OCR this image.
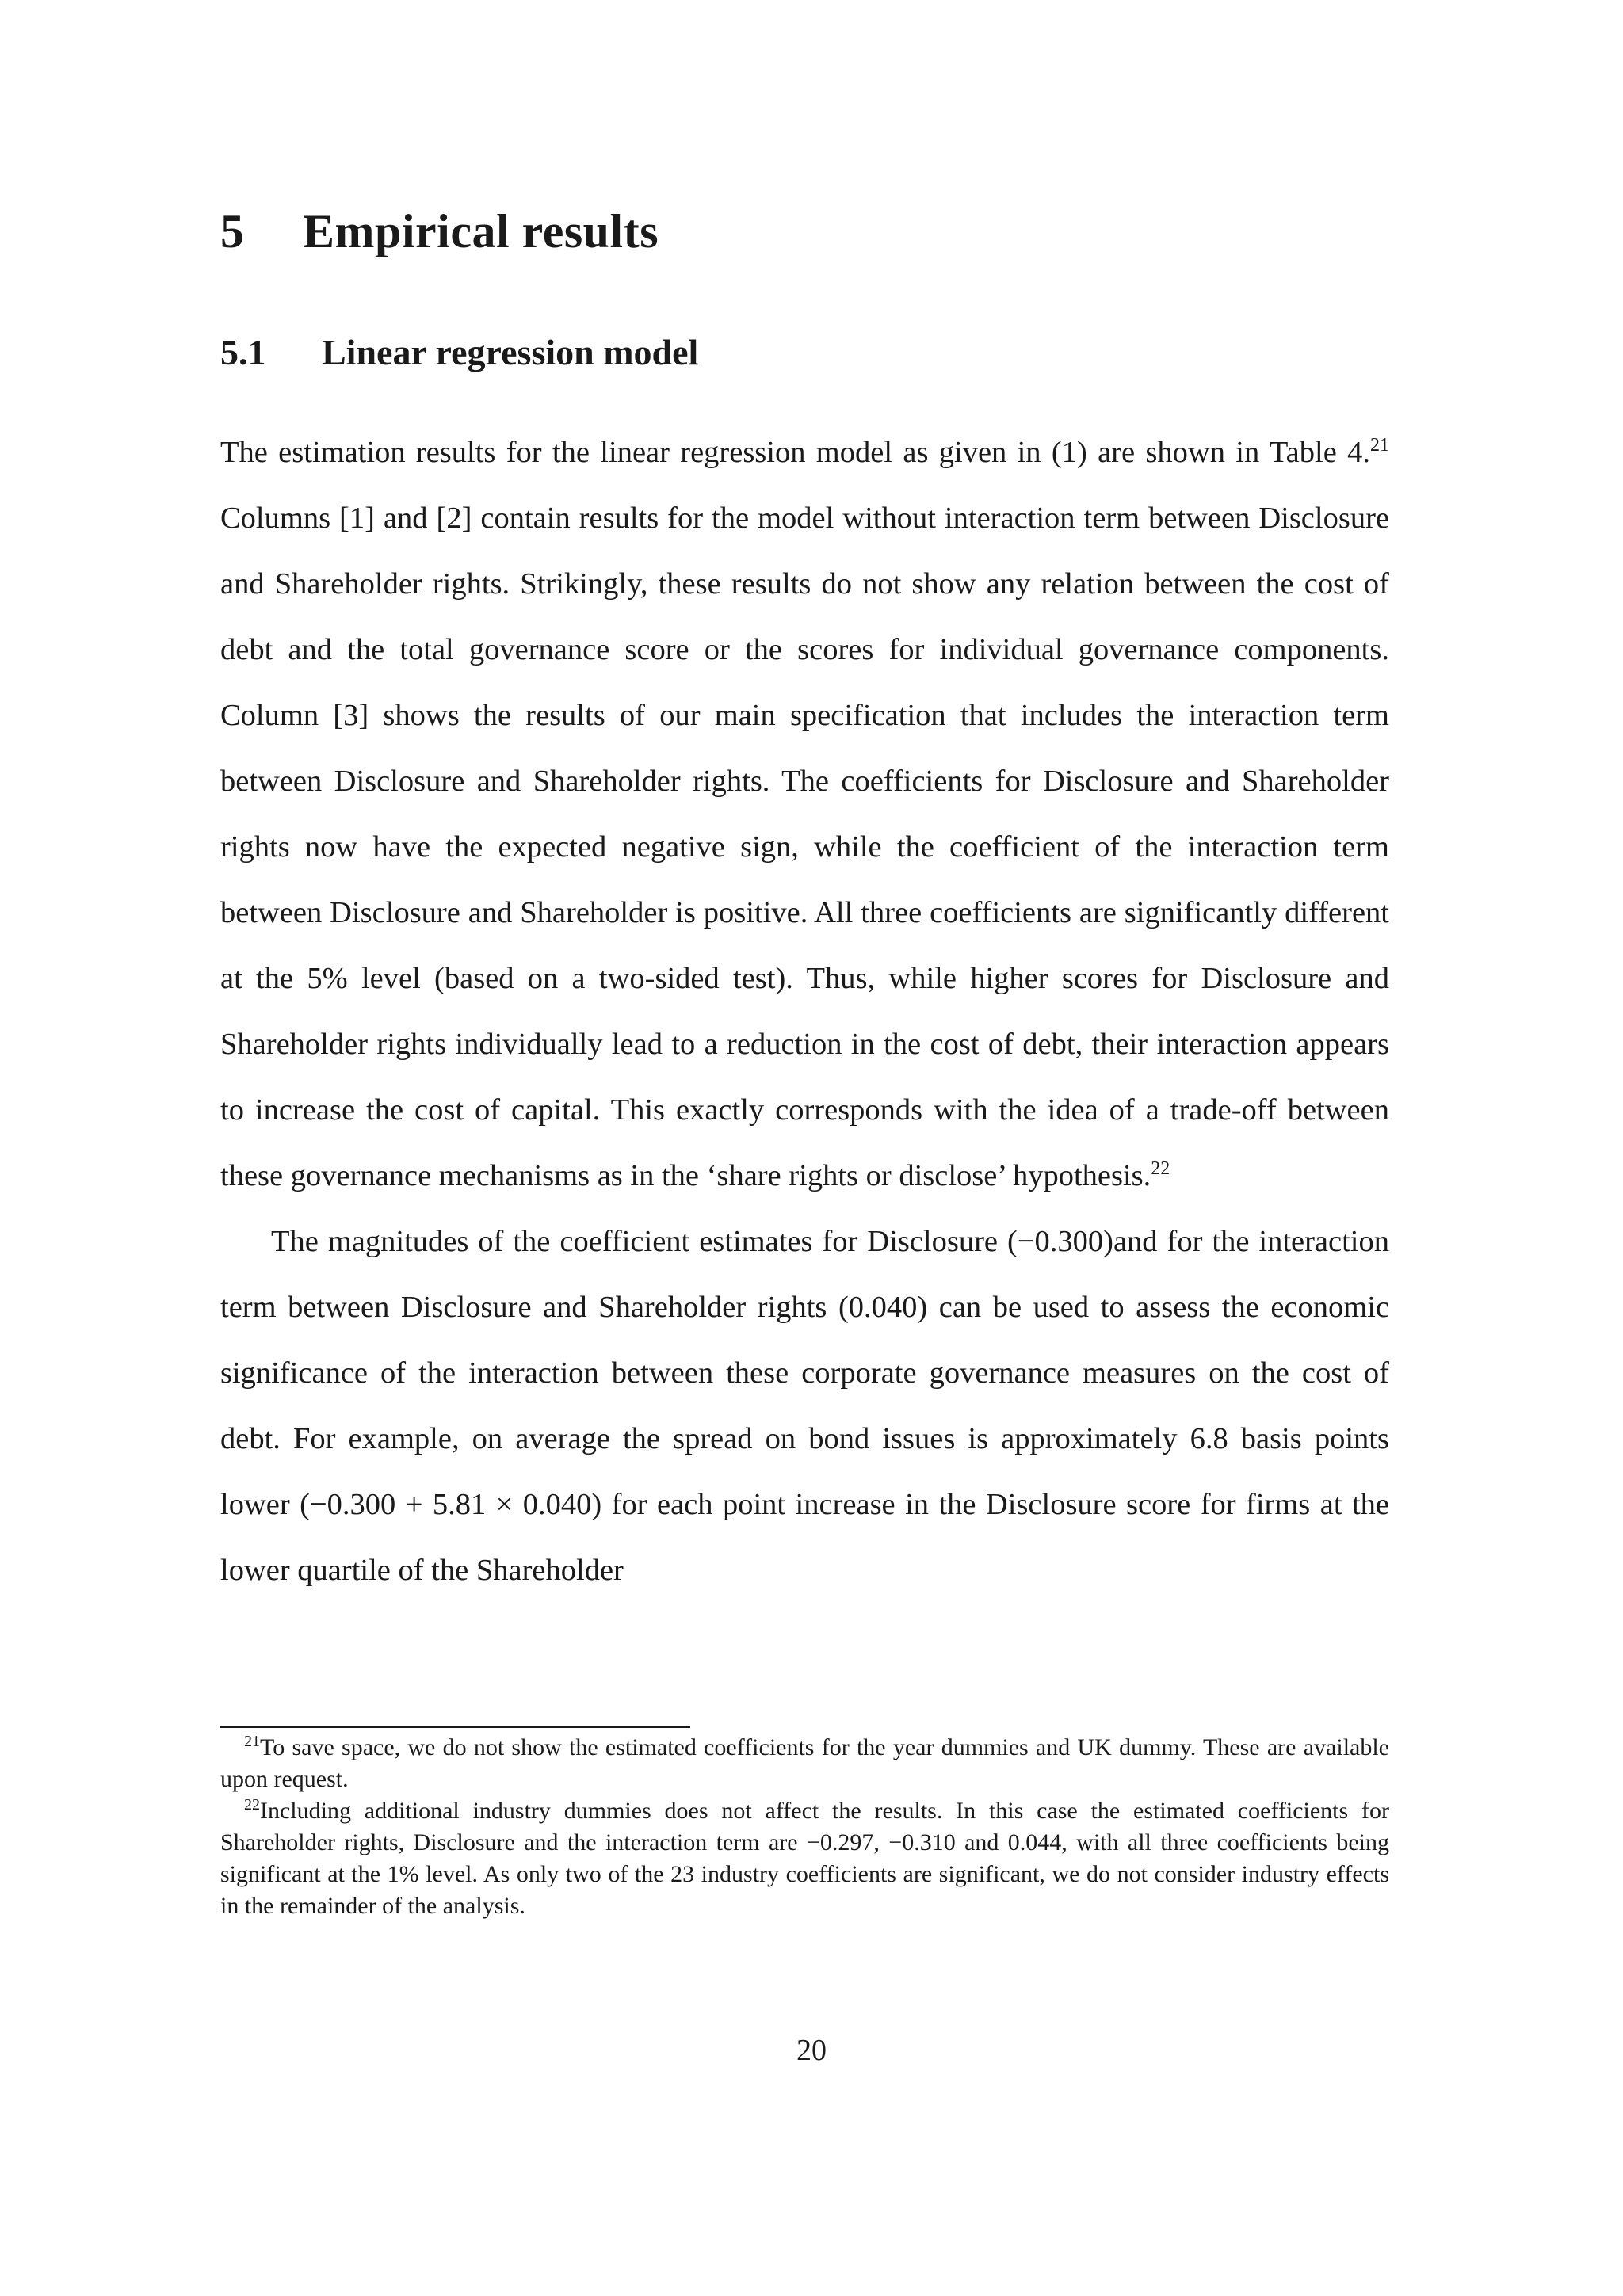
5 Empirical results
5.1 Linear regression model

The estimation results for the linear regression model as given in (1) are shown in Table 4.21 Columns [1] and [2] contain results for the model without interaction term between Disclosure and Shareholder rights. Strikingly, these results do not show any relation between the cost of debt and the total governance score or the scores for individual governance components. Column [3] shows the results of our main specification that includes the interaction term between Disclosure and Shareholder rights. The coefficients for Disclosure and Shareholder rights now have the expected negative sign, while the coefficient of the interaction term between Disclosure and Shareholder is positive. All three coefficients are significantly different at the 5% level (based on a two-sided test). Thus, while higher scores for Disclosure and Shareholder rights individually lead to a reduction in the cost of debt, their interaction appears to increase the cost of capital. This exactly corresponds with the idea of a trade-off between these governance mechanisms as in the ‘share rights or disclose’ hypothesis.$^{22}$

The magnitudes of the coefficient estimates for Disclosure (−0.300)and for the interaction term between Disclosure and Shareholder rights (0.040) can be used to assess the economic significance of the interaction between these corporate governance measures on the cost of debt. For example, on average the spread on bond issues is approximately 6.8 basis points lower (−0.300 + 5.81 × 0.040) for each point increase in the Disclosure score for firms at the lower quartile of the Shareholder

$^{21}$To save space, we do not show the estimated coefficients for the year dummies and UK dummy. These are available upon request.

$^{22}$Including additional industry dummies does not affect the results. In this case the estimated coefficients for Shareholder rights, Disclosure and the interaction term are −0.297, −0.310 and 0.044, with all three coefficients being significant at the 1% level. As only two of the 23 industry coefficients are significant, we do not consider industry effects in the remainder of the analysis.

20
